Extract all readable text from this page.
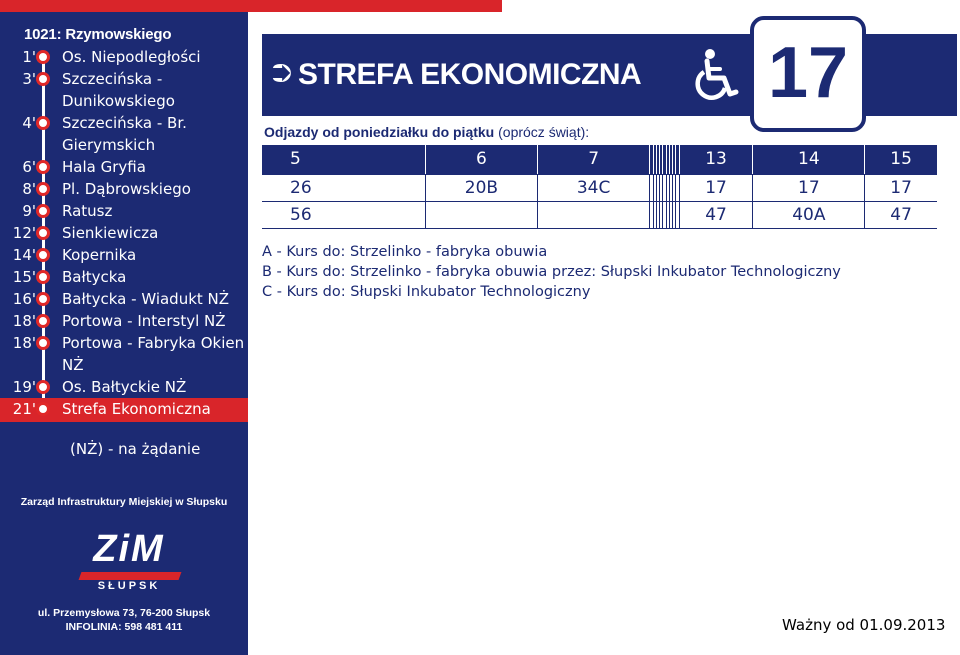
1021: Rzymowskiego
1' Os. Niepodległości
3' Szczecińska -
Dunikowskiego
4' Szczecińska - Br.
Gierymskich
6' Hala Gryfia
8' Pl. Dąbrowskiego
9' Ratusz
12' Sienkiewicza
14' Kopernika
15' Bałtycka
16' Bałtycka - Wiadukt NŻ
18' Portowa - Interstyl NŻ
18' Portowa - Fabryka Okien
NŻ
19' Os. Bałtyckie NŻ
21' Strefa Ekonomiczna
(NŻ) - na żądanie
Zarząd Infrastruktury Miejskiej w Słupsku
ZiM
SŁUPSK
ul. Przemysłowa 73, 76-200 Słupsk
INFOLINIA: 598 481 411
⮊ STREFA EKONOMICZNA 17
Odjazdy od poniedziałku do piątku (oprócz świąt):
5	6	7										13	14	15
26	20B	34C										17	17	17
56												47	40A	47
A - Kurs do: Strzelinko - fabryka obuwia
B - Kurs do: Strzelinko - fabryka obuwia przez: Słupski Inkubator Technologiczny
C - Kurs do: Słupski Inkubator Technologiczny
Ważny od 01.09.2013
